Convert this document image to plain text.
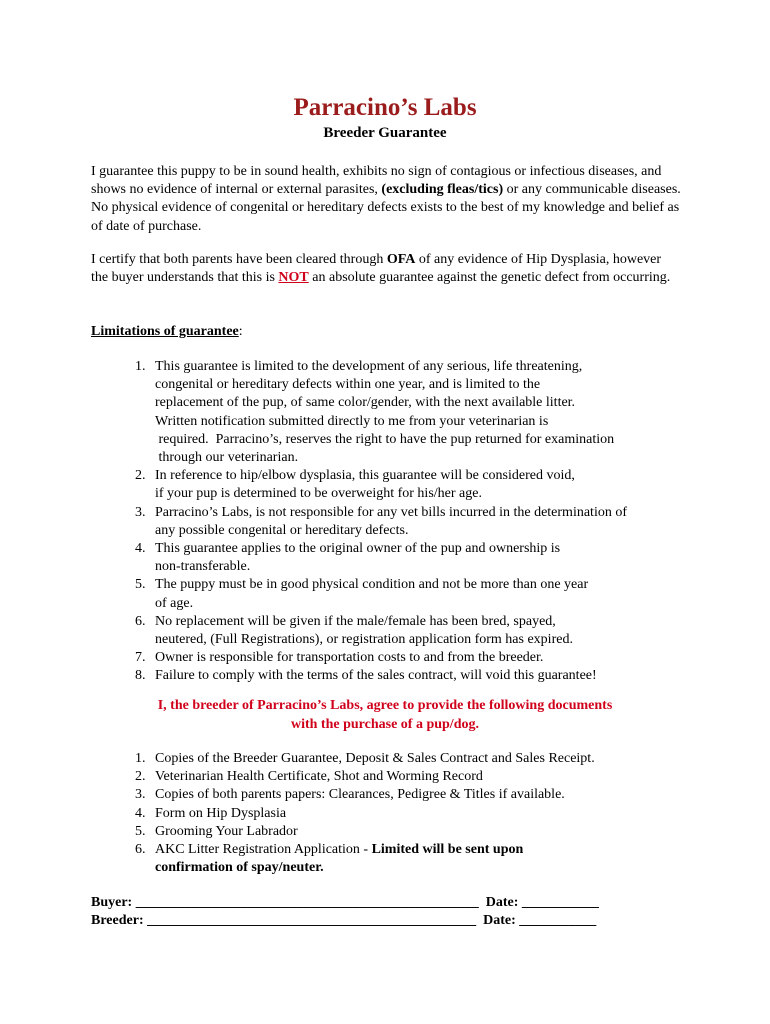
Parracino’s Labs
Breeder Guarantee
I guarantee this puppy to be in sound health, exhibits no sign of contagious or infectious diseases, and shows no evidence of internal or external parasites, (excluding fleas/tics) or any communicable diseases. No physical evidence of congenital or hereditary defects exists to the best of my knowledge and belief as of date of purchase.
I certify that both parents have been cleared through OFA of any evidence of Hip Dysplasia, however the buyer understands that this is NOT an absolute guarantee against the genetic defect from occurring.
Limitations of guarantee:
1. This guarantee is limited to the development of any serious, life threatening,
congenital or hereditary defects within one year, and is limited to the
replacement of the pup, of same color/gender, with the next available litter.
Written notification submitted directly to me from your veterinarian is
required.  Parracino’s, reserves the right to have the pup returned for examination
through our veterinarian.
2. In reference to hip/elbow dysplasia, this guarantee will be considered void,
if your pup is determined to be overweight for his/her age.
3. Parracino’s Labs, is not responsible for any vet bills incurred in the determination of
any possible congenital or hereditary defects.
4. This guarantee applies to the original owner of the pup and ownership is
non-transferable.
5. The puppy must be in good physical condition and not be more than one year
of age.
6. No replacement will be given if the male/female has been bred, spayed,
neutered, (Full Registrations), or registration application form has expired.
7. Owner is responsible for transportation costs to and from the breeder.
8. Failure to comply with the terms of the sales contract, will void this guarantee!
I, the breeder of Parracino’s Labs, agree to provide the following documents
with the purchase of a pup/dog.
1. Copies of the Breeder Guarantee, Deposit & Sales Contract and Sales Receipt.
2. Veterinarian Health Certificate, Shot and Worming Record
3. Copies of both parents papers: Clearances, Pedigree & Titles if available.
4. Form on Hip Dysplasia
5. Grooming Your Labrador
6. AKC Litter Registration Application - Limited will be sent upon
confirmation of spay/neuter.
Buyer: _________________________________________________  Date: ___________
Breeder: _______________________________________________  Date: ___________
